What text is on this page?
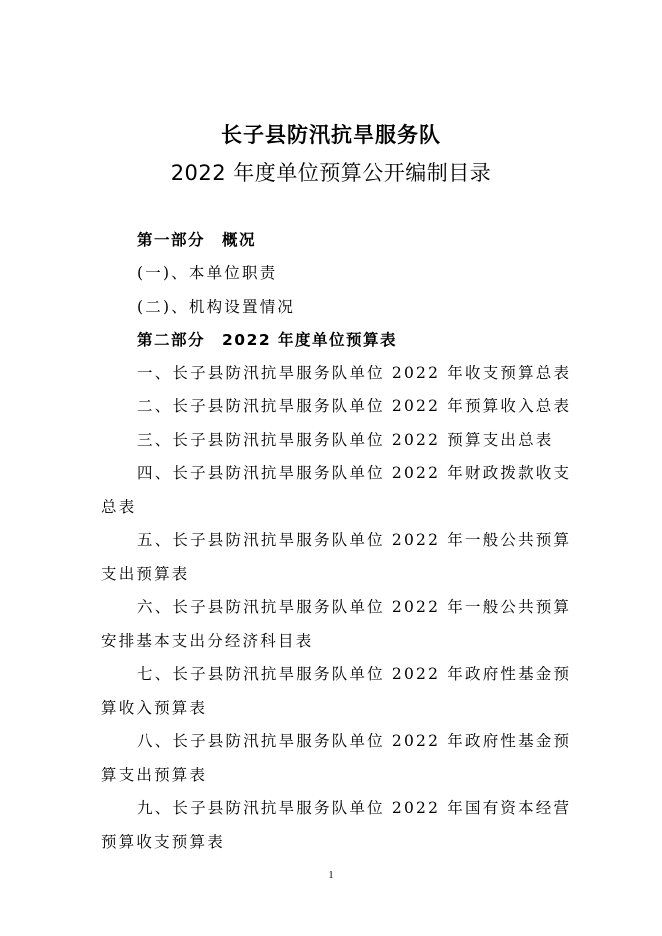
长子县防汛抗旱服务队
2022 年度单位预算公开编制目录
第一部分　概况
(一)、本单位职责
(二)、机构设置情况
第二部分　2022 年度单位预算表
一、长子县防汛抗旱服务队单位 2022 年收支预算总表
二、长子县防汛抗旱服务队单位 2022 年预算收入总表
三、长子县防汛抗旱服务队单位 2022 预算支出总表
四、长子县防汛抗旱服务队单位 2022 年财政拨款收支
总表
五、长子县防汛抗旱服务队单位 2022 年一般公共预算
支出预算表
六、长子县防汛抗旱服务队单位 2022 年一般公共预算
安排基本支出分经济科目表
七、长子县防汛抗旱服务队单位 2022 年政府性基金预
算收入预算表
八、长子县防汛抗旱服务队单位 2022 年政府性基金预
算支出预算表
九、长子县防汛抗旱服务队单位 2022 年国有资本经营
预算收支预算表
1
